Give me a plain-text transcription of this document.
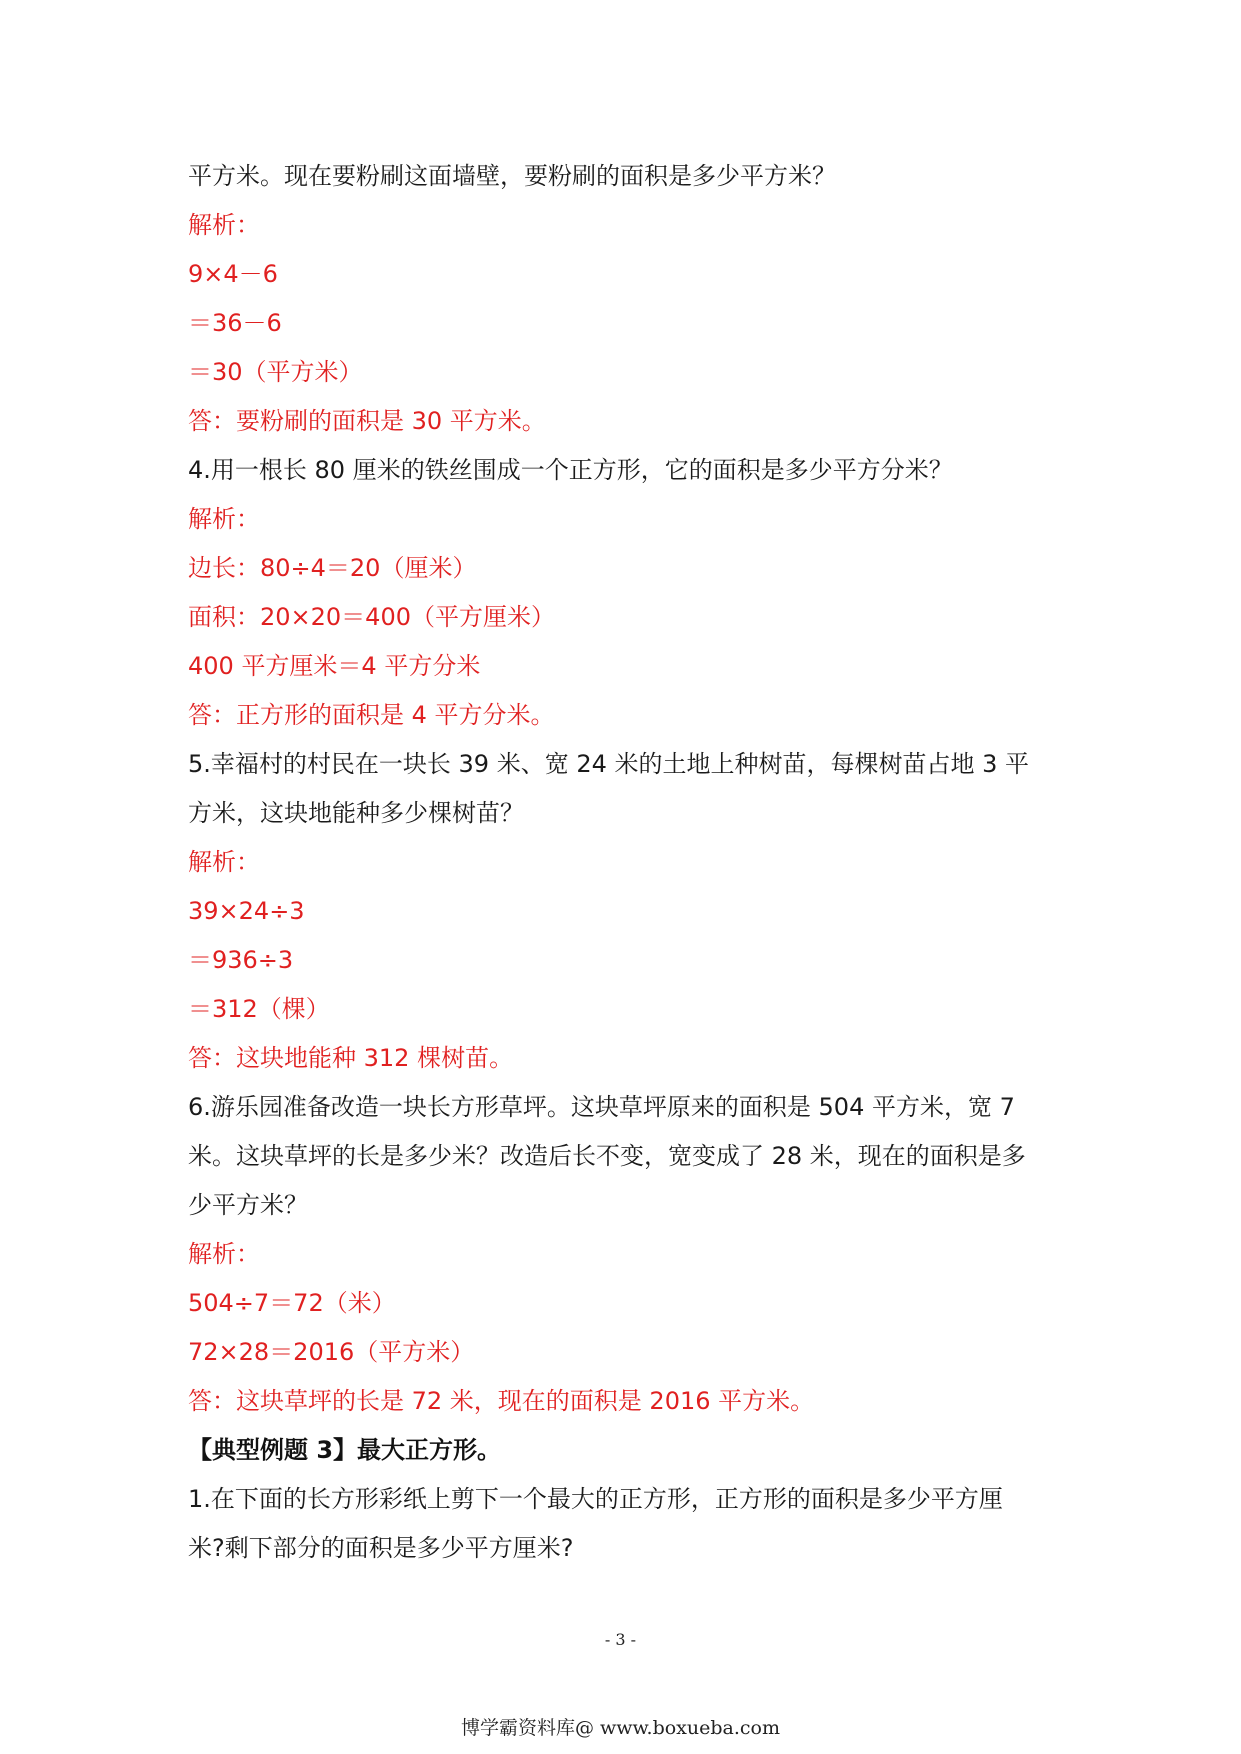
平方米。现在要粉刷这面墙壁，要粉刷的面积是多少平方米？
解析：
9×4－6
＝36－6
＝30（平方米）
答：要粉刷的面积是 30 平方米。
4.用一根长 80 厘米的铁丝围成一个正方形，它的面积是多少平方分米？
解析：
边长：80÷4＝20（厘米）
面积：20×20＝400（平方厘米）
400 平方厘米＝4 平方分米
答：正方形的面积是 4 平方分米。
5.幸福村的村民在一块长 39 米、宽 24 米的土地上种树苗，每棵树苗占地 3 平
方米，这块地能种多少棵树苗？
解析：
39×24÷3
＝936÷3
＝312（棵）
答：这块地能种 312 棵树苗。
6.游乐园准备改造一块长方形草坪。这块草坪原来的面积是 504 平方米，宽 7
米。这块草坪的长是多少米？改造后长不变，宽变成了 28 米，现在的面积是多
少平方米？
解析：
504÷7＝72（米）
72×28＝2016（平方米）
答：这块草坪的长是 72 米，现在的面积是 2016 平方米。
【典型例题 3】最大正方形。
1.在下面的长方形彩纸上剪下一个最大的正方形，正方形的面积是多少平方厘
米?剩下部分的面积是多少平方厘米?
- 3 -
博学霸资料库@ www.boxueba.com
